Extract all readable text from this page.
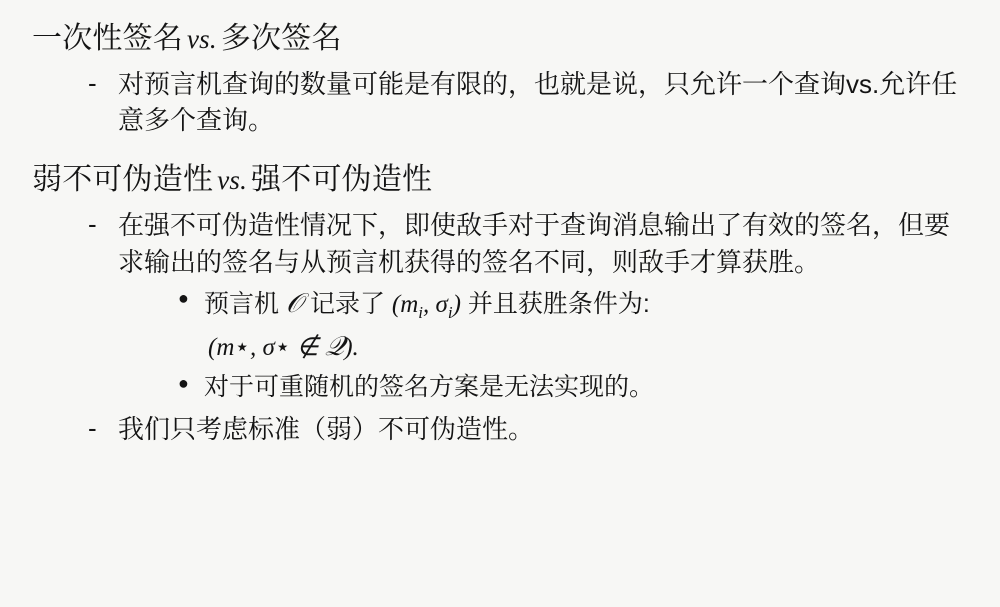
一次性签名 vs. 多次签名
- 对预言机查询的数量可能是有限的，也就是说，只允许一个查询vs.允许任意多个查询。
弱不可伪造性 vs. 强不可伪造性
- 在强不可伪造性情况下，即使敌手对于查询消息输出了有效的签名，但要求输出的签名与从预言机获得的签名不同，则敌手才算获胜。
● 预言机 𝒪 记录了 ($m_i$, $\sigma_i$) 并且获胜条件为:
(m⋆, σ⋆ ∉ 𝒬).
● 对于可重随机的签名方案是无法实现的。
- 我们只考虑标准（弱）不可伪造性。
